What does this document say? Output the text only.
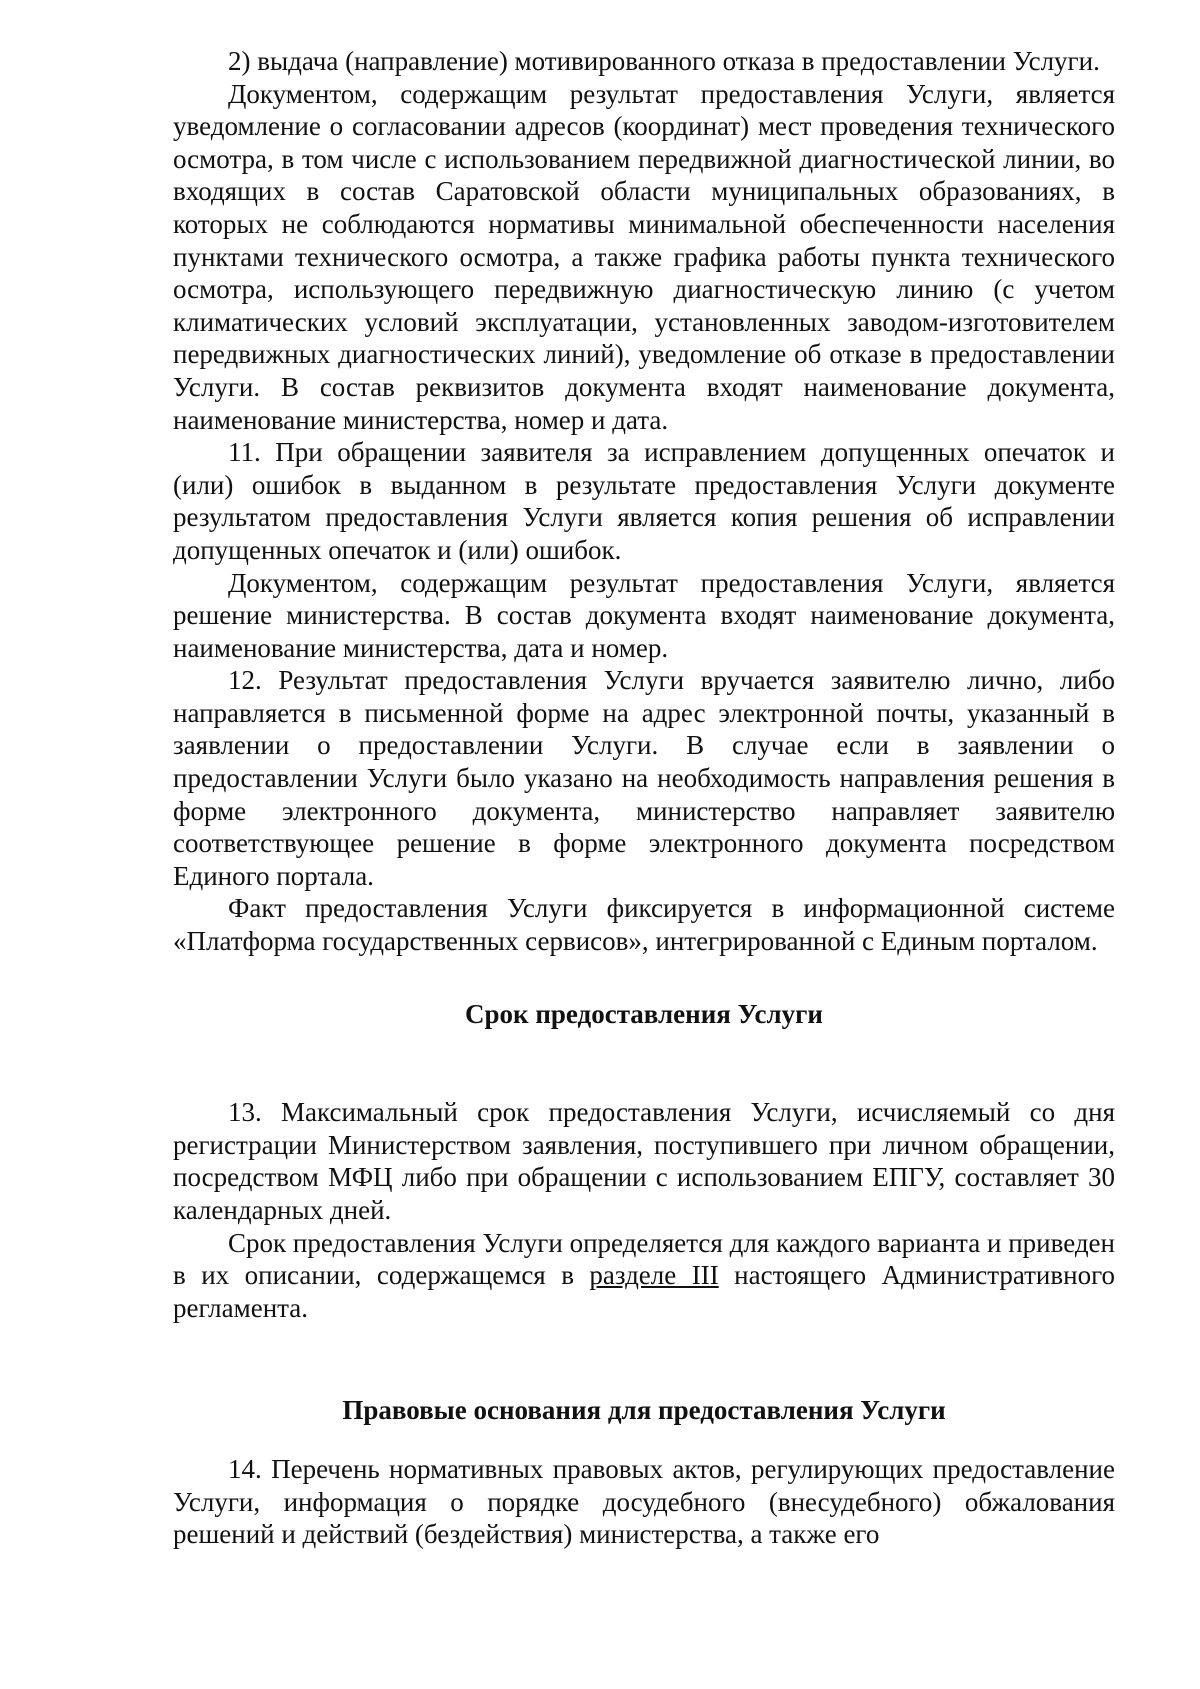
2) выдача (направление) мотивированного отказа в предоставлении Услуги.

Документом, содержащим результат предоставления Услуги, является уведомление о согласовании адресов (координат) мест проведения технического осмотра, в том числе с использованием передвижной диагностической линии, во входящих в состав Саратовской области муниципальных образованиях, в которых не соблюдаются нормативы минимальной обеспеченности населения пунктами технического осмотра, а также графика работы пункта технического осмотра, использующего передвижную диагностическую линию (с учетом климатических условий эксплуатации, установленных заводом-изготовителем передвижных диагностических линий), уведомление об отказе в предоставлении Услуги. В состав реквизитов документа входят наименование документа, наименование министерства, номер и дата.

11. При обращении заявителя за исправлением допущенных опечаток и (или) ошибок в выданном в результате предоставления Услуги документе результатом предоставления Услуги является копия решения об исправлении допущенных опечаток и (или) ошибок.

Документом, содержащим результат предоставления Услуги, является решение министерства. В состав документа входят наименование документа, наименование министерства, дата и номер.

12. Результат предоставления Услуги вручается заявителю лично, либо направляется в письменной форме на адрес электронной почты, указанный в заявлении о предоставлении Услуги. В случае если в заявлении о предоставлении Услуги было указано на необходимость направления решения в форме электронного документа, министерство направляет заявителю соответствующее решение в форме электронного документа посредством Единого портала.

Факт предоставления Услуги фиксируется в информационной системе «Платформа государственных сервисов», интегрированной с Единым порталом.

Срок предоставления Услуги

13. Максимальный срок предоставления Услуги, исчисляемый со дня регистрации Министерством заявления, поступившего при личном обращении, посредством МФЦ либо при обращении с использованием ЕПГУ, составляет 30 календарных дней.

Срок предоставления Услуги определяется для каждого варианта и приведен в их описании, содержащемся в разделе III настоящего Административного регламента.

Правовые основания для предоставления Услуги

14. Перечень нормативных правовых актов, регулирующих предоставление Услуги, информация о порядке досудебного (внесудебного) обжалования решений и действий (бездействия) министерства, а также его
